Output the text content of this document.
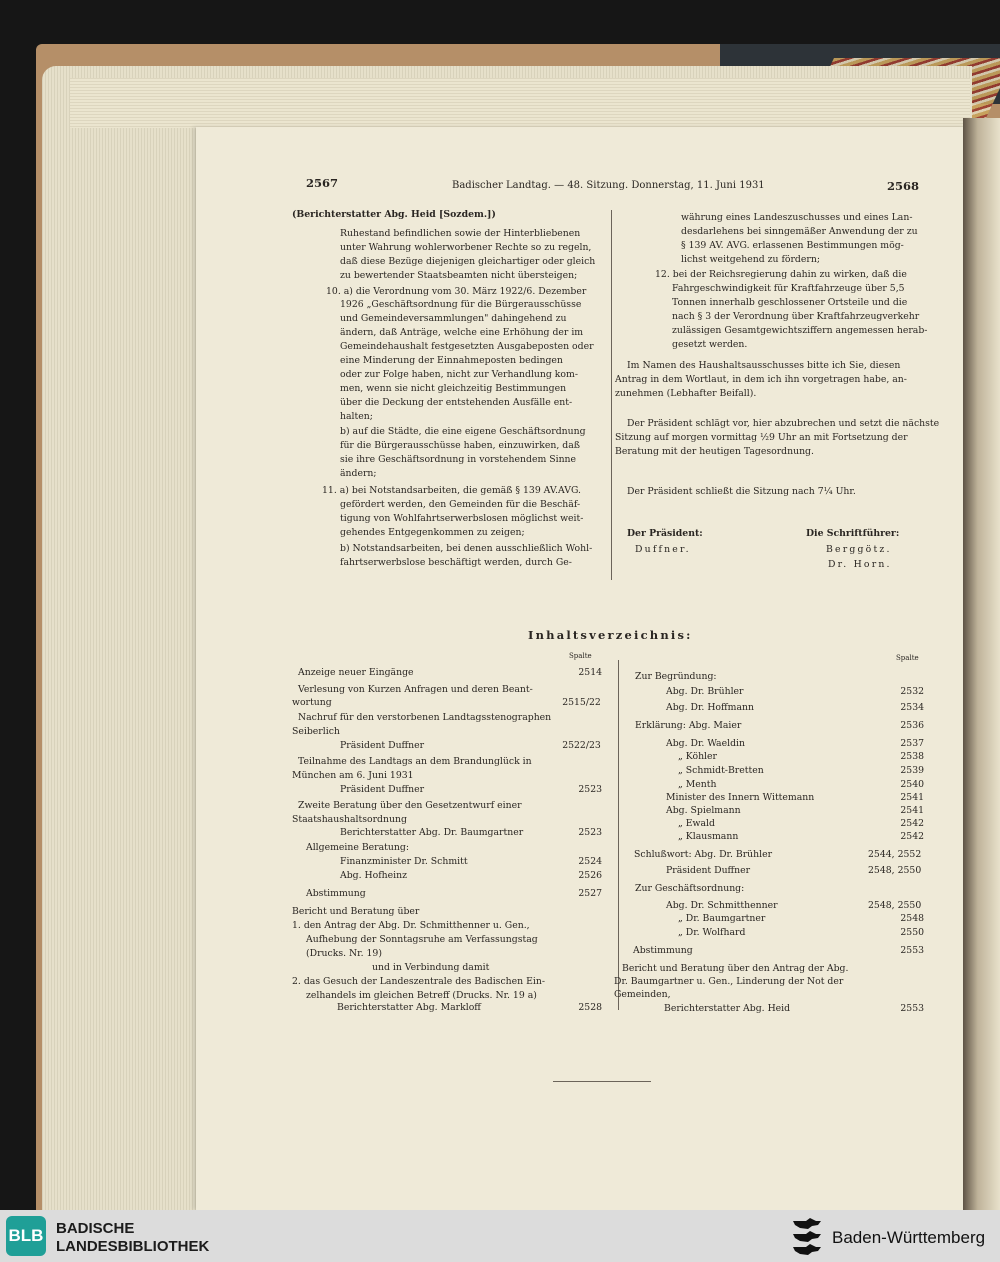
2567	Badischer Landtag. — 48. Sitzung. Donnerstag, 11. Juni 1931	2568
(Berichterstatter Abg. Heid [Sozdem.])
Ruhestand befindlichen sowie der Hinterbliebenen
unter Wahrung wohlerworbener Rechte so zu regeln,
daß diese Bezüge diejenigen gleichartiger oder gleich
zu bewertender Staatsbeamten nicht übersteigen;
10. a) die Verordnung vom 30. März 1922/6. Dezember
1926 „Geschäftsordnung für die Bürgerausschüsse
und Gemeindeversammlungen" dahingehend zu
ändern, daß Anträge, welche eine Erhöhung der im
Gemeindehaushalt festgesetzten Ausgabeposten oder
eine Minderung der Einnahmeposten bedingen
oder zur Folge haben, nicht zur Verhandlung kom-
men, wenn sie nicht gleichzeitig Bestimmungen
über die Deckung der entstehenden Ausfälle ent-
halten;
b) auf die Städte, die eine eigene Geschäftsordnung
für die Bürgerausschüsse haben, einzuwirken, daß
sie ihre Geschäftsordnung in vorstehendem Sinne
ändern;
11. a) bei Notstandsarbeiten, die gemäß § 139 AV.AVG.
gefördert werden, den Gemeinden für die Beschäf-
tigung von Wohlfahrtserwerbslosen möglichst weit-
gehendes Entgegenkommen zu zeigen;
b) Notstandsarbeiten, bei denen ausschließlich Wohl-
fahrtserwerbslose beschäftigt werden, durch Ge-
währung eines Landeszuschusses und eines Lan-
desdarlehens bei sinngemäßer Anwendung der zu
§ 139 AV. AVG. erlassenen Bestimmungen mög-
lichst weitgehend zu fördern;
12. bei der Reichsregierung dahin zu wirken, daß die
Fahrgeschwindigkeit für Kraftfahrzeuge über 5,5
Tonnen innerhalb geschlossener Ortsteile und die
nach § 3 der Verordnung über Kraftfahrzeugverkehr
zulässigen Gesamtgewichtsziffern angemessen herab-
gesetzt werden.
Im Namen des Haushaltsausschusses bitte ich Sie, diesen
Antrag in dem Wortlaut, in dem ich ihn vorgetragen habe, an-
zunehmen (Lebhafter Beifall).
Der Präsident schlägt vor, hier abzubrechen und setzt die nächste
Sitzung auf morgen vormittag ½9 Uhr an mit Fortsetzung der
Beratung mit der heutigen Tagesordnung.
Der Präsident schließt die Sitzung nach 7¼ Uhr.
Der Präsident:
Duffner.
Die Schriftführer:
Berggötz.
Dr. Horn.
Inhaltsverzeichnis:
Spalte	Spalte
Anzeige neuer Eingänge	2514
Verlesung von Kurzen Anfragen und deren Beant-
wortung	2515/22
Nachruf für den verstorbenen Landtagsstenographen
Seiberlich
Präsident Duffner	2522/23
Teilnahme des Landtags an dem Brandunglück in
München am 6. Juni 1931
Präsident Duffner	2523
Zweite Beratung über den Gesetzentwurf einer
Staatshaushaltsordnung
Berichterstatter Abg. Dr. Baumgartner	2523
Allgemeine Beratung:
Finanzminister Dr. Schmitt	2524
Abg. Hofheinz	2526
Abstimmung	2527
Bericht und Beratung über
1. den Antrag der Abg. Dr. Schmitthenner u. Gen.,
Aufhebung der Sonntagsruhe am Verfassungstag
(Drucks. Nr. 19)
und in Verbindung damit
2. das Gesuch der Landeszentrale des Badischen Ein-
zelhandels im gleichen Betreff (Drucks. Nr. 19 a)
Berichterstatter Abg. Markloff	2528
Zur Begründung:
Abg. Dr. Brühler	2532
Abg. Dr. Hoffmann	2534
Erklärung: Abg. Maier	2536
Abg. Dr. Waeldin	2537
„ Köhler	2538
„ Schmidt-Bretten	2539
„ Menth	2540
Minister des Innern Wittemann	2541
Abg. Spielmann	2541
„ Ewald	2542
„ Klausmann	2542
Schlußwort: Abg. Dr. Brühler	2544, 2552
Präsident Duffner	2548, 2550
Zur Geschäftsordnung:
Abg. Dr. Schmitthenner	2548, 2550
„ Dr. Baumgartner	2548
„ Dr. Wolfhard	2550
Abstimmung	2553
Bericht und Beratung über den Antrag der Abg.
Dr. Baumgartner u. Gen., Linderung der Not der
Gemeinden,
Berichterstatter Abg. Heid	2553
BLB BADISCHE
LANDESBIBLIOTHEK	Baden-Württemberg
